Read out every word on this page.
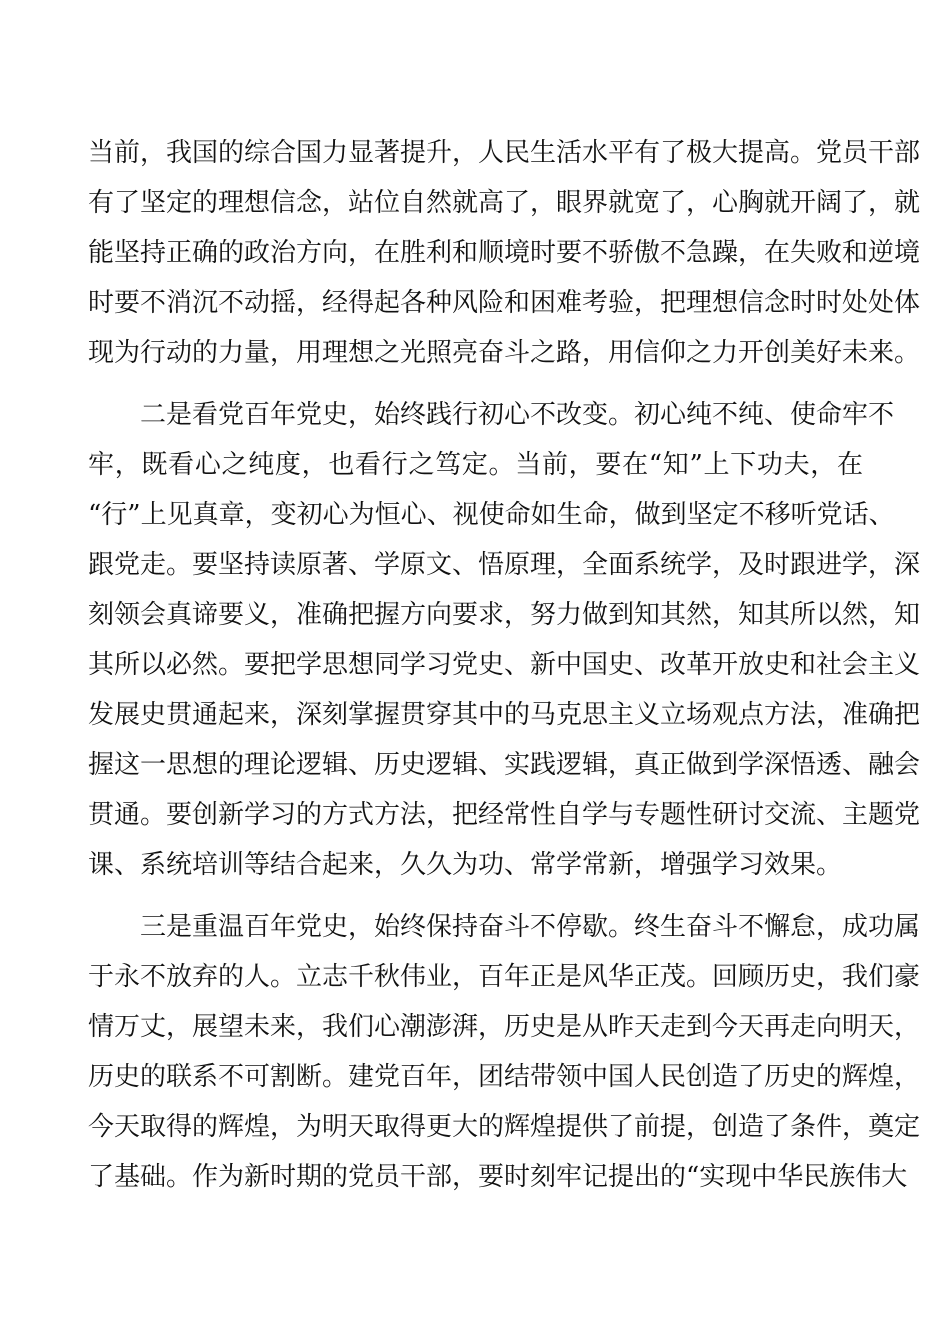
当前，我国的综合国力显著提升，人民生活水平有了极大提高。党员干部
有了坚定的理想信念，站位自然就高了，眼界就宽了，心胸就开阔了，就
能坚持正确的政治方向，在胜利和顺境时要不骄傲不急躁，在失败和逆境
时要不消沉不动摇，经得起各种风险和困难考验，把理想信念时时处处体
现为行动的力量，用理想之光照亮奋斗之路，用信仰之力开创美好未来。
二是看党百年党史，始终践行初心不改变。初心纯不纯、使命牢不
牢，既看心之纯度，也看行之笃定。当前，要在“知”上下功夫，在
“行”上见真章，变初心为恒心、视使命如生命，做到坚定不移听党话、
跟党走。要坚持读原著、学原文、悟原理，全面系统学，及时跟进学，深
刻领会真谛要义，准确把握方向要求，努力做到知其然，知其所以然，知
其所以必然。要把学思想同学习党史、新中国史、改革开放史和社会主义
发展史贯通起来，深刻掌握贯穿其中的马克思主义立场观点方法，准确把
握这一思想的理论逻辑、历史逻辑、实践逻辑，真正做到学深悟透、融会
贯通。要创新学习的方式方法，把经常性自学与专题性研讨交流、主题党
课、系统培训等结合起来，久久为功、常学常新，增强学习效果。
三是重温百年党史，始终保持奋斗不停歇。终生奋斗不懈怠，成功属
于永不放弃的人。立志千秋伟业，百年正是风华正茂。回顾历史，我们豪
情万丈，展望未来，我们心潮澎湃，历史是从昨天走到今天再走向明天，
历史的联系不可割断。建党百年，团结带领中国人民创造了历史的辉煌，
今天取得的辉煌，为明天取得更大的辉煌提供了前提，创造了条件，奠定
了基础。作为新时期的党员干部，要时刻牢记提出的“实现中华民族伟大
